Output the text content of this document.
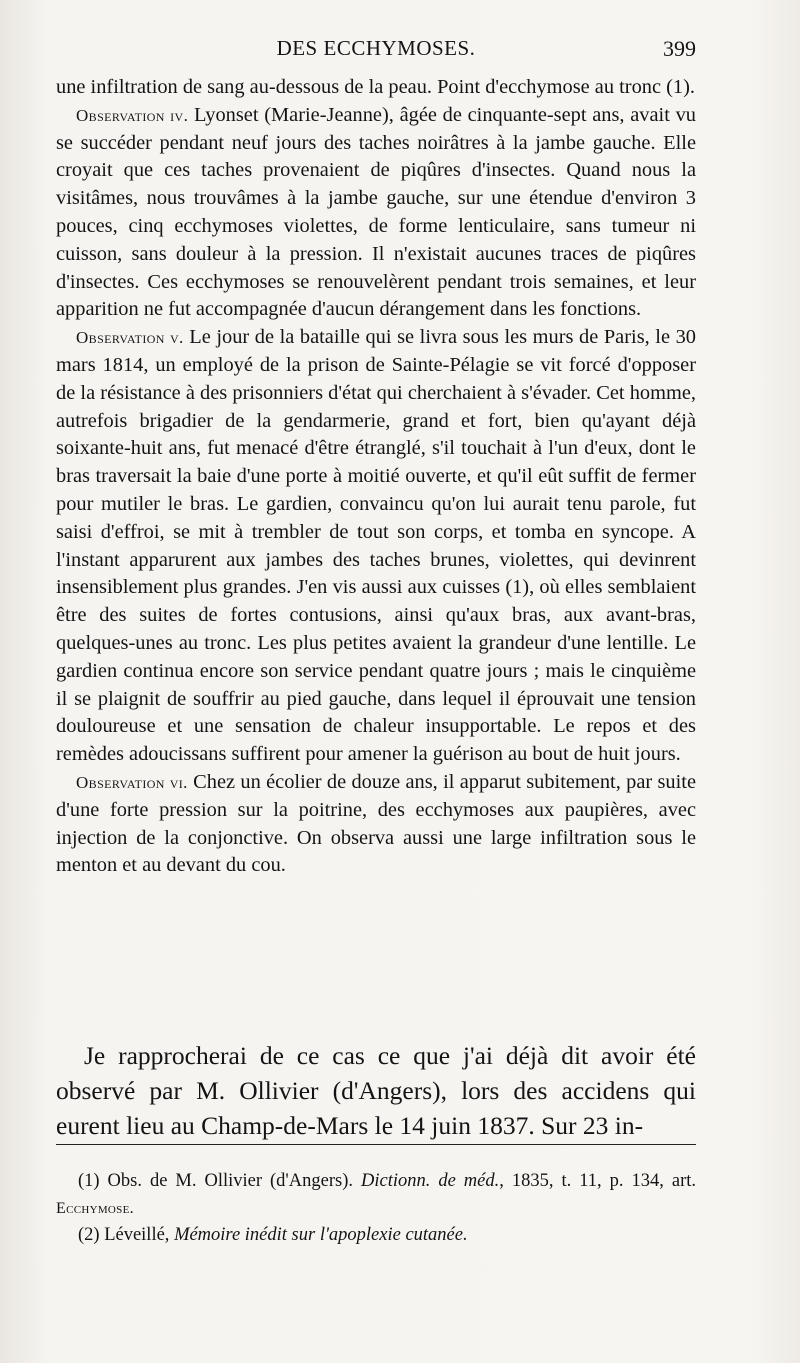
DES ECCHYMOSES.	399

une infiltration de sang au-dessous de la peau. Point d'ecchymose au tronc (1).

Observation iv. Lyonset (Marie-Jeanne), âgée de cinquante-sept ans, avait vu se succéder pendant neuf jours des taches noirâtres à la jambe gauche. Elle croyait que ces taches provenaient de piqûres d'insectes. Quand nous la visitâmes, nous trouvâmes à la jambe gauche, sur une étendue d'environ 3 pouces, cinq ecchymoses violettes, de forme lenticulaire, sans tumeur ni cuisson, sans douleur à la pression. Il n'existait aucunes traces de piqûres d'insectes. Ces ecchymoses se renouvelèrent pendant trois semaines, et leur apparition ne fut accompagnée d'aucun dérangement dans les fonctions.

Observation v. Le jour de la bataille qui se livra sous les murs de Paris, le 30 mars 1814, un employé de la prison de Sainte-Pélagie se vit forcé d'opposer de la résistance à des prisonniers d'état qui cherchaient à s'évader. Cet homme, autrefois brigadier de la gendarmerie, grand et fort, bien qu'ayant déjà soixante-huit ans, fut menacé d'être étranglé, s'il touchait à l'un d'eux, dont le bras traversait la baie d'une porte à moitié ouverte, et qu'il eût suffit de fermer pour mutiler le bras. Le gardien, convaincu qu'on lui aurait tenu parole, fut saisi d'effroi, se mit à trembler de tout son corps, et tomba en syncope. A l'instant apparurent aux jambes des taches brunes, violettes, qui devinrent insensiblement plus grandes. J'en vis aussi aux cuisses (1), où elles semblaient être des suites de fortes contusions, ainsi qu'aux bras, aux avant-bras, quelques-unes au tronc. Les plus petites avaient la grandeur d'une lentille. Le gardien continua encore son service pendant quatre jours ; mais le cinquième il se plaignit de souffrir au pied gauche, dans lequel il éprouvait une tension douloureuse et une sensation de chaleur insupportable. Le repos et des remèdes adoucissans suffirent pour amener la guérison au bout de huit jours.

Observation vi. Chez un écolier de douze ans, il apparut subitement, par suite d'une forte pression sur la poitrine, des ecchymoses aux paupières, avec injection de la conjonctive. On observa aussi une large infiltration sous le menton et au devant du cou.

Je rapprocherai de ce cas ce que j'ai déjà dit avoir été observé par M. Ollivier (d'Angers), lors des accidens qui eurent lieu au Champ-de-Mars le 14 juin 1837. Sur 23 in-

(1) Obs. de M. Ollivier (d'Angers). Dictionn. de méd., 1835, t. 11, p. 134, art. Ecchymose.

(2) Léveillé, Mémoire inédit sur l'apoplexie cutanée.
